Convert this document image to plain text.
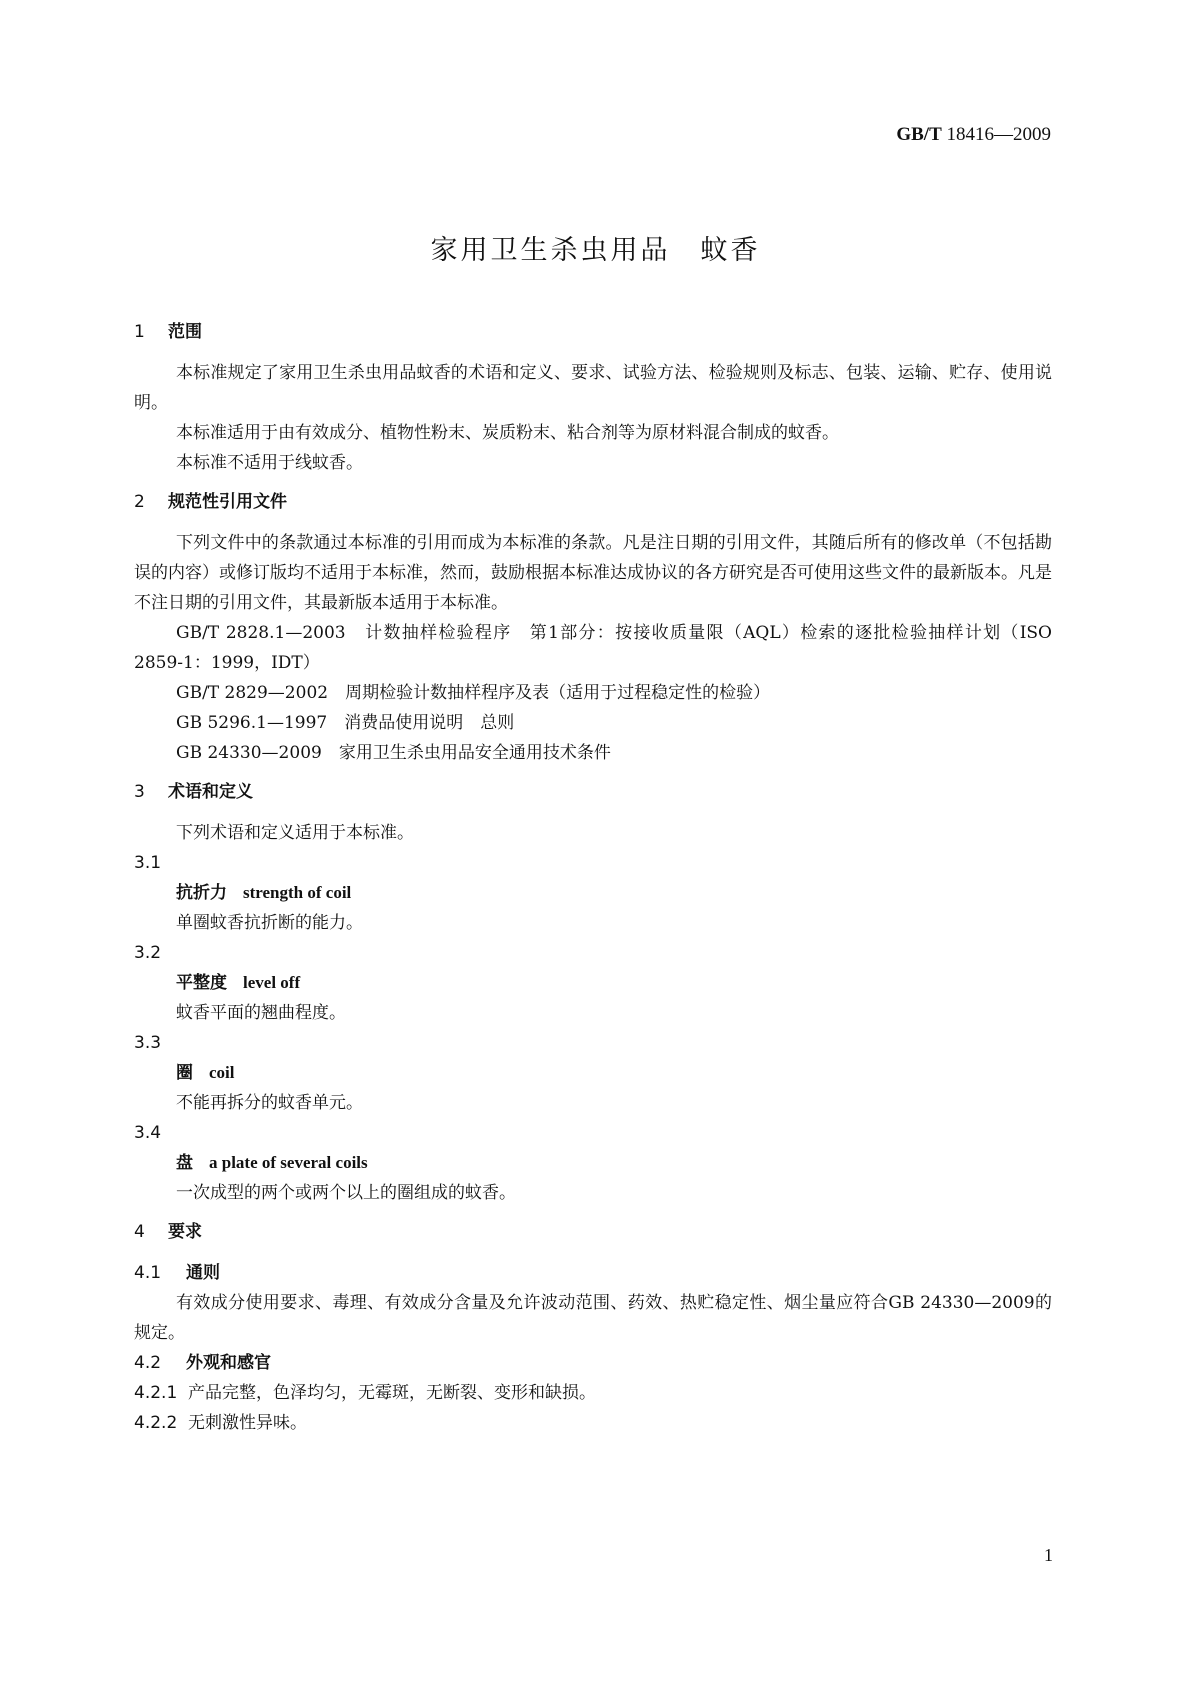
GB/T 18416—2009
家用卫生杀虫用品　蚊香
1 范围

本标准规定了家用卫生杀虫用品蚊香的术语和定义、要求、试验方法、检验规则及标志、包装、运输、贮存、使用说明。

本标准适用于由有效成分、植物性粉末、炭质粉末、粘合剂等为原材料混合制成的蚊香。

本标准不适用于线蚊香。

2 规范性引用文件

下列文件中的条款通过本标准的引用而成为本标准的条款。凡是注日期的引用文件，其随后所有的修改单（不包括勘误的内容）或修订版均不适用于本标准，然而，鼓励根据本标准达成协议的各方研究是否可使用这些文件的最新版本。凡是不注日期的引用文件，其最新版本适用于本标准。

GB/T 2828.1—2003　计数抽样检验程序　第1部分：按接收质量限（AQL）检索的逐批检验抽样计划（ISO 2859-1：1999，IDT）

GB/T 2829—2002　周期检验计数抽样程序及表（适用于过程稳定性的检验）

GB 5296.1—1997　消费品使用说明　总则

GB 24330—2009　家用卫生杀虫用品安全通用技术条件

3 术语和定义

下列术语和定义适用于本标准。

3.1

抗折力 strength of coil

单圈蚊香抗折断的能力。

3.2

平整度 level off

蚊香平面的翘曲程度。

3.3

圈 coil

不能再拆分的蚊香单元。

3.4

盘 a plate of several coils

一次成型的两个或两个以上的圈组成的蚊香。

4 要求

4.1 通则

有效成分使用要求、毒理、有效成分含量及允许波动范围、药效、热贮稳定性、烟尘量应符合GB 24330—2009的规定。

4.2 外观和感官

4.2.1 产品完整，色泽均匀，无霉斑，无断裂、变形和缺损。

4.2.2 无刺激性异味。

1
